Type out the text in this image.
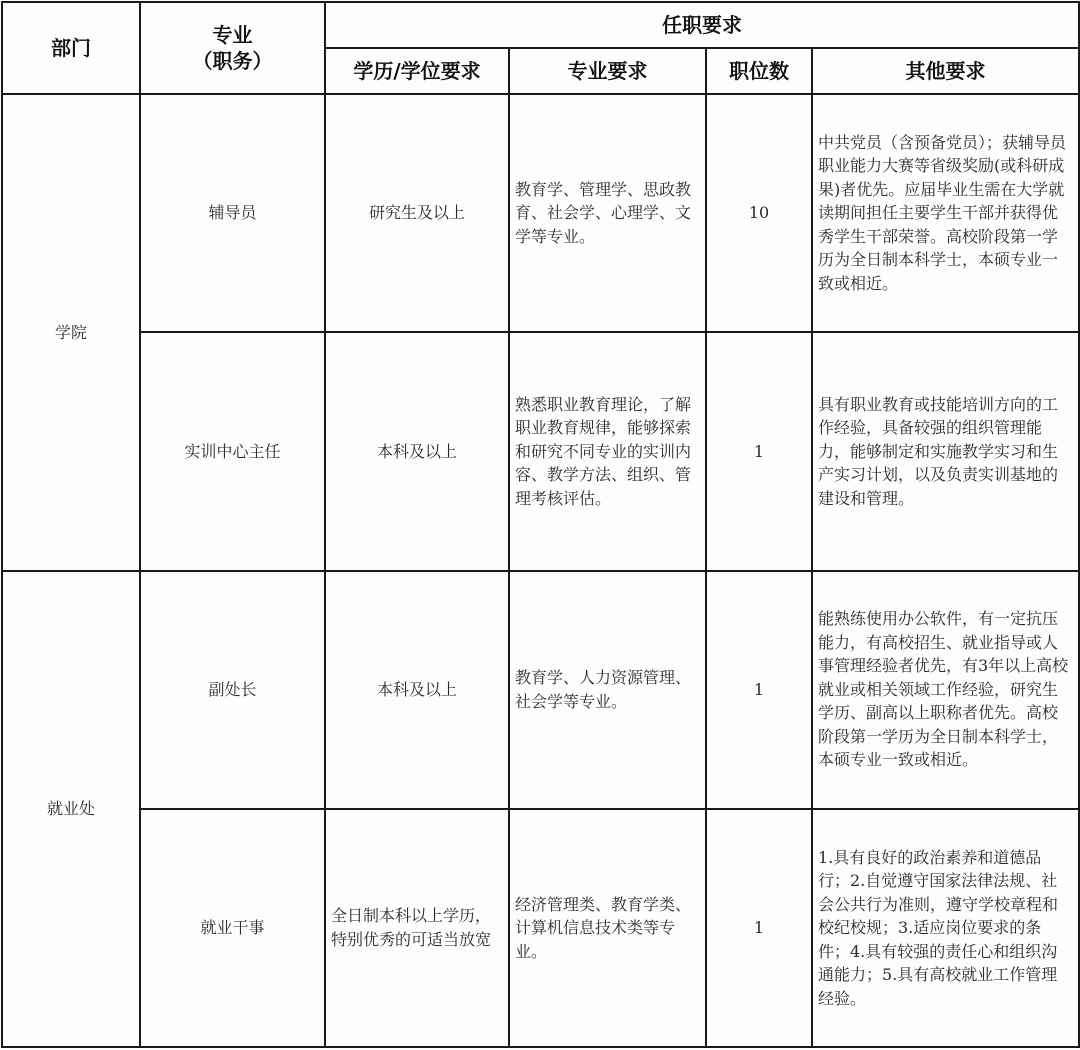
部门	专业
（职务）	任职要求			
		学历/学位要求	专业要求	职位数	其他要求
学院	辅导员	研究生及以上	教育学、管理学、思政教育、社会学、心理学、文学等专业。	10	中共党员（含预备党员）；获辅导员职业能力大赛等省级奖励(或科研成果)者优先。应届毕业生需在大学就读期间担任主要学生干部并获得优秀学生干部荣誉。高校阶段第一学历为全日制本科学士，本硕专业一致或相近。

	实训中心主任	本科及以上	熟悉职业教育理论，了解职业教育规律，能够探索和研究不同专业的实训内容、教学方法、组织、管理考核评估。	1	具有职业教育或技能培训方向的工作经验，具备较强的组织管理能力，能够制定和实施教学实习和生产实习计划，以及负责实训基地的建设和管理。

就业处	副处长	本科及以上	教育学、人力资源管理、社会学等专业。	1	能熟练使用办公软件，有一定抗压能力，有高校招生、就业指导或人事管理经验者优先，有3年以上高校就业或相关领域工作经验，研究生学历、副高以上职称者优先。高校阶段第一学历为全日制本科学士，本硕专业一致或相近。

	就业干事	全日制本科以上学历，特别优秀的可适当放宽	经济管理类、教育学类、计算机信息技术类等专业。	1	1.具有良好的政治素养和道德品行；2.自觉遵守国家法律法规、社会公共行为准则，遵守学校章程和校纪校规；3.适应岗位要求的条件；4.具有较强的责任心和组织沟通能力；5.具有高校就业工作管理经验。
